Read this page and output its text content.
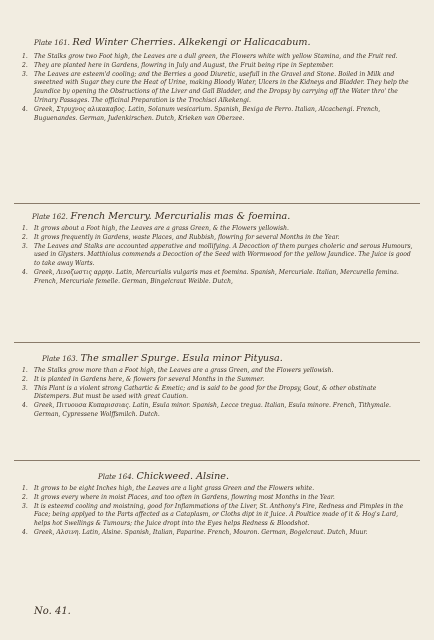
Plate 161. Red Winter Cherries. Alkekengi or Halicacabum.

1. The Stalks grow two Foot high, the Leaves are a dull green, the Flowers white with yellow Stamina, and the Fruit red.

2. They are planted here in Gardens, flowring in July and August, the Fruit being ripe in September.

3. The Leaves are esteem'd cooling; and the Berries a good Diuretic, usefull in the Gravel and Stone. Boiled in Milk and sweetned with Sugar they cure the Heat of Urine, making Bloody Water, Ulcers in the Kidneys and Bladder. They help the Jaundice by opening the Obstructions of the Liver and Gall Bladder, and the Dropsy by carrying off the Water thro' the Urinary Passages. The officinal Preparation is the Trochisci Alkekengi.

4. Greek, Στρυχνος αλικακαβος. Latin, Solanum vesicarium. Spanish, Bexiga de Perro. Italian, Alcachengi. French, Buguenandes. German, Judenkirschen. Dutch, Krieken van Oberzee.

Plate 162. French Mercury. Mercurialis mas & foemina.

1. It grows about a Foot high, the Leaves are a grass Green, & the Flowers yellowish.

2. It grows frequently in Gardens, waste Places, and Rubbish, flowring for several Months in the Year.

3. The Leaves and Stalks are accounted apperative and mollifying. A Decoction of them purges choleric and serous Humours, used in Glysters. Matthiolus commends a Decoction of the Seed with Wormwood for the yellow Jaundice. The Juice is good to take away Warts.

4. Greek, Λινοζωστις αρρην. Latin, Mercurialis vulgaris mas et foemina. Spanish, Mercuriale. Italian, Mercurella femina. French, Mercuriale femelle. German, Bingelcraut Weible. Dutch,

Plate 163. The smaller Spurge. Esula minor Pityusa.

1. The Stalks grow more than a Foot high, the Leaves are a grass Green, and the Flowers yellowish.

2. It is planted in Gardens here, & flowers for several Months in the Summer.

3. This Plant is a violent strong Cathartic & Emetic; and is said to be good for the Dropsy, Gout, & other obstinate Distempers. But must be used with great Caution.

4. Greek, Πιτυουσα Κυπαρισσιας. Latin, Esula minor. Spanish, Lecce tregua. Italian, Esula minore. French, Tithymale. German, Cypressene Wolffsmilch. Dutch.

Plate 164. Chickweed. Alsine.

1. It grows to be eight Inches high, the Leaves are a light grass Green and the Flowers white.

2. It grows every where in moist Places, and too often in Gardens, flowring most Months in the Year.

3. It is esteemd cooling and moistning, good for Inflammations of the Liver, St. Anthony's Fire, Redness and Pimples in the Face; being applyed to the Parts affected as a Cataplasm, or Cloths dipt in it Juice. A Poultice made of it & Hog's Lard, helps hot Swellings & Tumours; the Juice dropt into the Eyes helps Redness & Bloodshot.

4. Greek, Αλσινη. Latin, Alsine. Spanish, Italian, Paparine. French, Mouron. German, Bogelcraut. Dutch, Muur.

No. 41.
